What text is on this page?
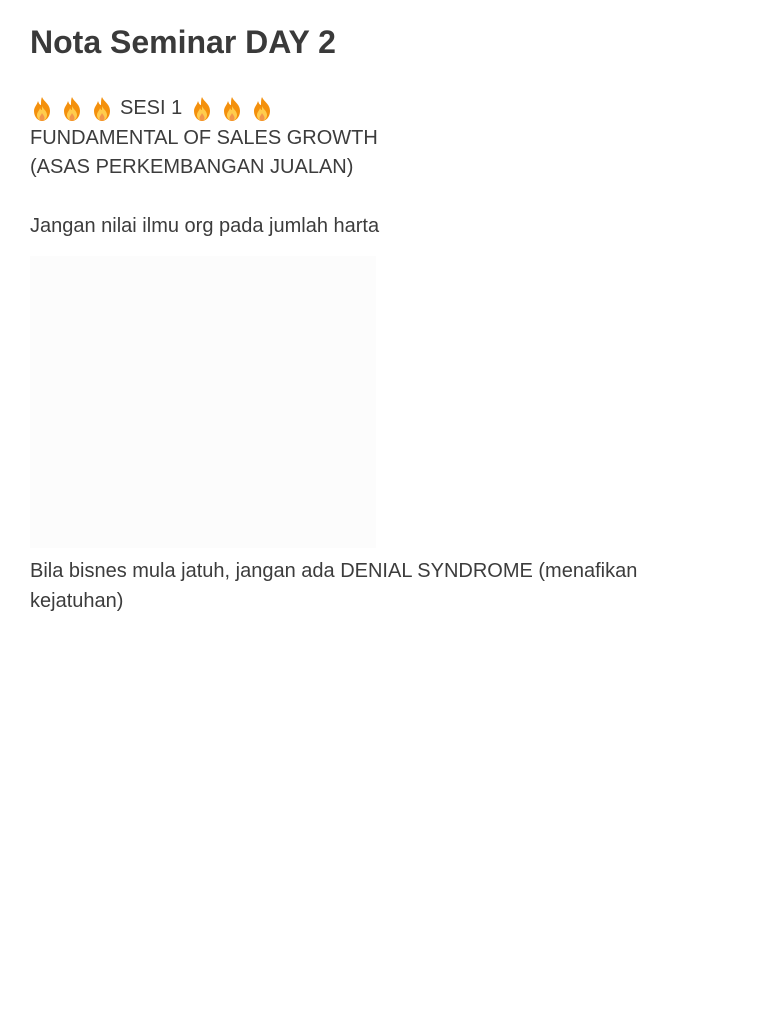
Nota Seminar DAY 2
SESI 1
FUNDAMENTAL OF SALES GROWTH
(ASAS PERKEMBANGAN JUALAN)
Jangan nilai ilmu org pada jumlah harta
Bila bisnes mula jatuh, jangan ada DENIAL SYNDROME (menafikan kejatuhan)
